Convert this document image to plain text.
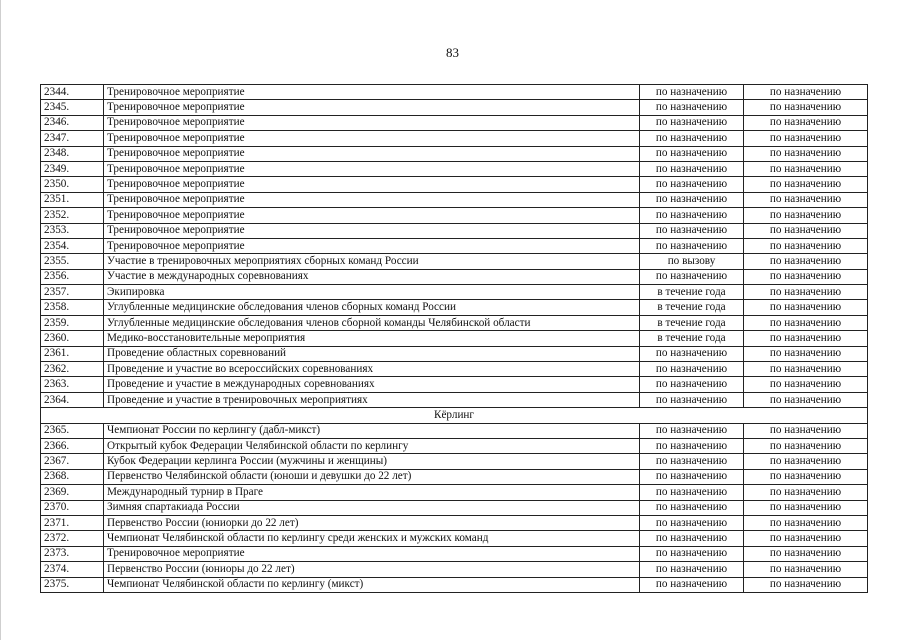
83
2344.	Тренировочное мероприятие	по назначению	по назначению
2345.	Тренировочное мероприятие	по назначению	по назначению
2346.	Тренировочное мероприятие	по назначению	по назначению
2347.	Тренировочное мероприятие	по назначению	по назначению
2348.	Тренировочное мероприятие	по назначению	по назначению
2349.	Тренировочное мероприятие	по назначению	по назначению
2350.	Тренировочное мероприятие	по назначению	по назначению
2351.	Тренировочное мероприятие	по назначению	по назначению
2352.	Тренировочное мероприятие	по назначению	по назначению
2353.	Тренировочное мероприятие	по назначению	по назначению
2354.	Тренировочное мероприятие	по назначению	по назначению
2355.	Участие в тренировочных мероприятиях сборных команд России	по вызову	по назначению
2356.	Участие в международных соревнованиях	по назначению	по назначению
2357.	Экипировка	в течение года	по назначению
2358.	Углубленные медицинские обследования членов сборных команд России	в течение года	по назначению
2359.	Углубленные медицинские обследования членов сборной команды Челябинской области	в течение года	по назначению
2360.	Медико-восстановительные мероприятия	в течение года	по назначению
2361.	Проведение областных соревнований	по назначению	по назначению
2362.	Проведение и участие во всероссийских соревнованиях	по назначению	по назначению
2363.	Проведение и участие в международных соревнованиях	по назначению	по назначению
2364.	Проведение и участие в тренировочных мероприятиях	по назначению	по назначению
Кёрлинг			
2365.	Чемпионат России по керлингу (дабл-микст)	по назначению	по назначению
2366.	Открытый кубок Федерации Челябинской области по керлингу	по назначению	по назначению
2367.	Кубок Федерации керлинга России (мужчины и женщины)	по назначению	по назначению
2368.	Первенство Челябинской области (юноши и девушки до 22 лет)	по назначению	по назначению
2369.	Международный турнир в Праге	по назначению	по назначению
2370.	Зимняя спартакиада России	по назначению	по назначению
2371.	Первенство России (юниорки до 22 лет)	по назначению	по назначению
2372.	Чемпионат Челябинской области по керлингу среди женских и мужских команд	по назначению	по назначению
2373.	Тренировочное мероприятие	по назначению	по назначению
2374.	Первенство России (юниоры до 22 лет)	по назначению	по назначению
2375.	Чемпионат Челябинской области по керлингу (микст)	по назначению	по назначению
